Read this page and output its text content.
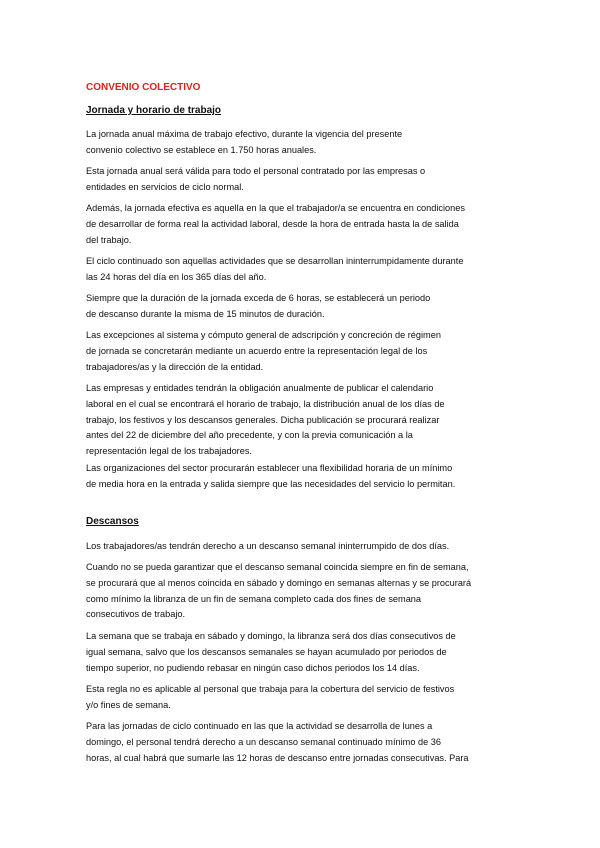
CONVENIO COLECTIVO
Jornada y horario de trabajo

La jornada anual máxima de trabajo efectivo, durante la vigencia del presente
convenio colectivo se establece en 1.750 horas anuales.

Esta jornada anual será válida para todo el personal contratado por las empresas o
entidades en servicios de ciclo normal.

Además, la jornada efectiva es aquella en la que el trabajador/a se encuentra en condiciones
de desarrollar de forma real la actividad laboral, desde la hora de entrada hasta la de salida
del trabajo.

El ciclo continuado son aquellas actividades que se desarrollan ininterrumpidamente durante
las 24 horas del día en los 365 días del año.

Siempre que la duración de la jornada exceda de 6 horas, se establecerá un periodo
de descanso durante la misma de 15 minutos de duración.

Las excepciones al sistema y cómputo general de adscripción y concreción de régimen
de jornada se concretarán mediante un acuerdo entre la representación legal de los
trabajadores/as y la dirección de la entidad.

Las empresas y entidades tendrán la obligación anualmente de publicar el calendario
laboral en el cual se encontrará el horario de trabajo, la distribución anual de los días de
trabajo, los festivos y los descansos generales. Dicha publicación se procurará realizar
antes del 22 de diciembre del año precedente, y con la previa comunicación a la
representación legal de los trabajadores.

Las organizaciones del sector procurarán establecer una flexibilidad horaria de un mínimo
de media hora en la entrada y salida siempre que las necesidades del servicio lo permitan.

Descansos

Los trabajadores/as tendrán derecho a un descanso semanal ininterrumpido de dos días.

Cuando no se pueda garantizar que el descanso semanal coincida siempre en fin de semana,
se procurará que al menos coincida en sábado y domingo en semanas alternas y se procurará
como mínimo la libranza de un fin de semana completo cada dos fines de semana
consecutivos de trabajo.

La semana que se trabaja en sábado y domingo, la libranza será dos días consecutivos de
igual semana, salvo que los descansos semanales se hayan acumulado por periodos de
tiempo superior, no pudiendo rebasar en ningún caso dichos periodos los 14 días.

Esta regla no es aplicable al personal que trabaja para la cobertura del servicio de festivos
y/o fines de semana.

Para las jornadas de ciclo continuado en las que la actividad se desarrolla de lunes a
domingo, el personal tendrá derecho a un descanso semanal continuado mínimo de 36
horas, al cual habrá que sumarle las 12 horas de descanso entre jornadas consecutivas. Para
